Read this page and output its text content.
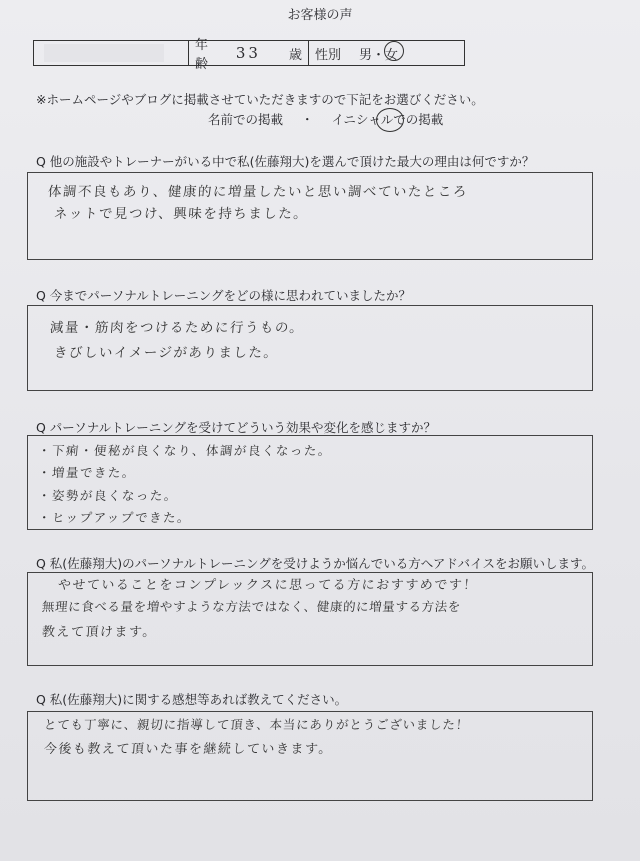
お客様の声
年齢
33 歳 性別 男・女
※ホームページやブログに掲載させていただきますので下記をお選びください。
名前での掲載 ・ イニシャルでの掲載
Q 他の施設やトレーナーがいる中で私(佐藤翔大)を選んで頂けた最大の理由は何ですか？
体調不良もあり、健康的に増量したいと思い調べていたところ
ネットで見つけ、興味を持ちました。
Q 今までパーソナルトレーニングをどの様に思われていましたか？
減量・筋肉をつけるために行うもの。
きびしいイメージがありました。
Q パーソナルトレーニングを受けてどういう効果や変化を感じますか？
・下痢・便秘が良くなり、体調が良くなった。
・増量できた。
・姿勢が良くなった。
・ヒップアップできた。
Q 私(佐藤翔大)のパーソナルトレーニングを受けようか悩んでいる方へアドバイスをお願いします。
やせていることをコンプレックスに思ってる方におすすめです！
無理に食べる量を増やすような方法ではなく、健康的に増量する方法を
教えて頂けます。
Q 私(佐藤翔大)に関する感想等あれば教えてください。
とても丁寧に、親切に指導して頂き、本当にありがとうございました！
今後も教えて頂いた事を継続していきます。
